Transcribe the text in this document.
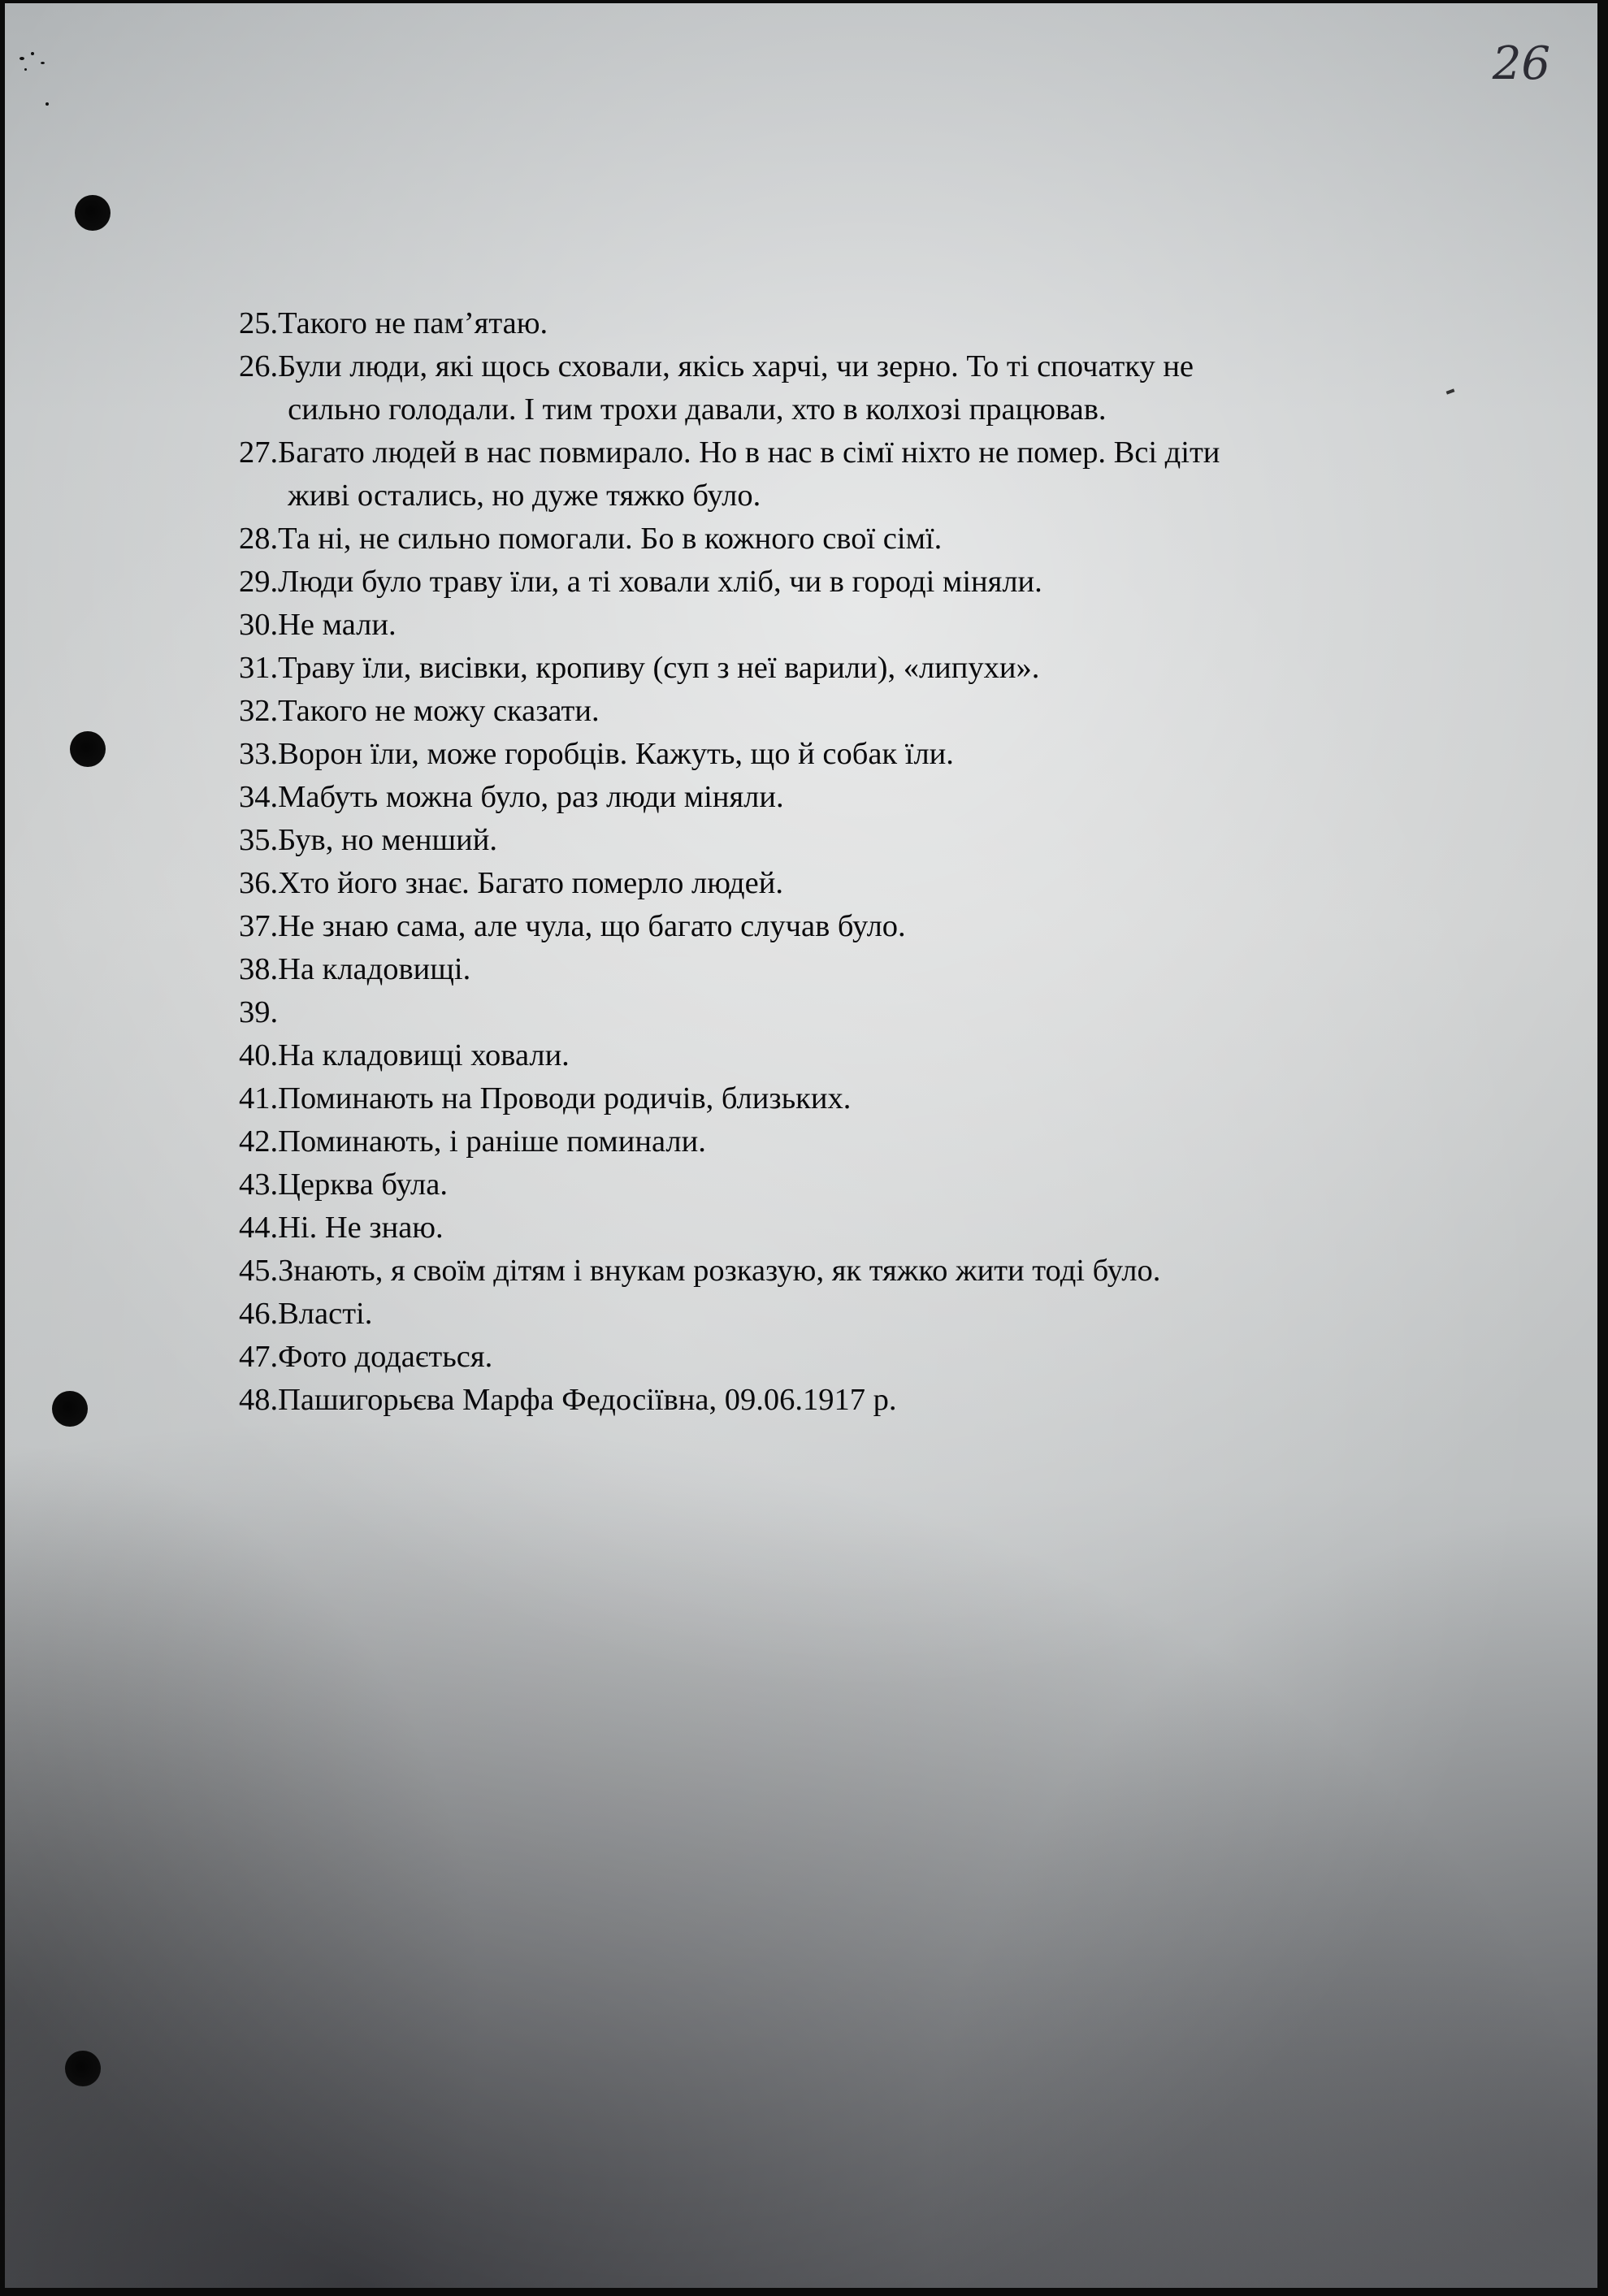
26
25. Такого не пам’ятаю.
26. Були люди, які щось сховали, якісь харчі, чи зерно. То ті спочатку не
сильно голодали. І тим трохи давали, хто в колхозі працював.
27. Багато людей в нас повмирало. Но в нас в сімї ніхто не помер. Всі діти
живі остались, но дуже тяжко було.
28. Та ні, не сильно помогали. Бо в кожного свої сімї.
29. Люди було траву їли, а ті ховали хліб, чи в городі міняли.
30. Не мали.
31. Траву їли, висівки, кропиву (суп з неї варили), «липухи».
32. Такого не можу сказати.
33. Ворон їли, може горобців. Кажуть, що й собак їли.
34. Мабуть можна було, раз люди міняли.
35. Був, но менший.
36. Хто його знає. Багато померло людей.
37. Не знаю сама, але чула, що багато случав було.
38. На кладовищі.
39.
40. На кладовищі ховали.
41. Поминають на Проводи родичів, близьких.
42. Поминають, і раніше поминали.
43. Церква була.
44. Ні. Не знаю.
45. Знають, я своїм дітям і внукам розказую, як тяжко жити тоді було.
46. Власті.
47. Фото додається.
48. Пашигорьєва Марфа Федосіївна, 09.06.1917 р.
